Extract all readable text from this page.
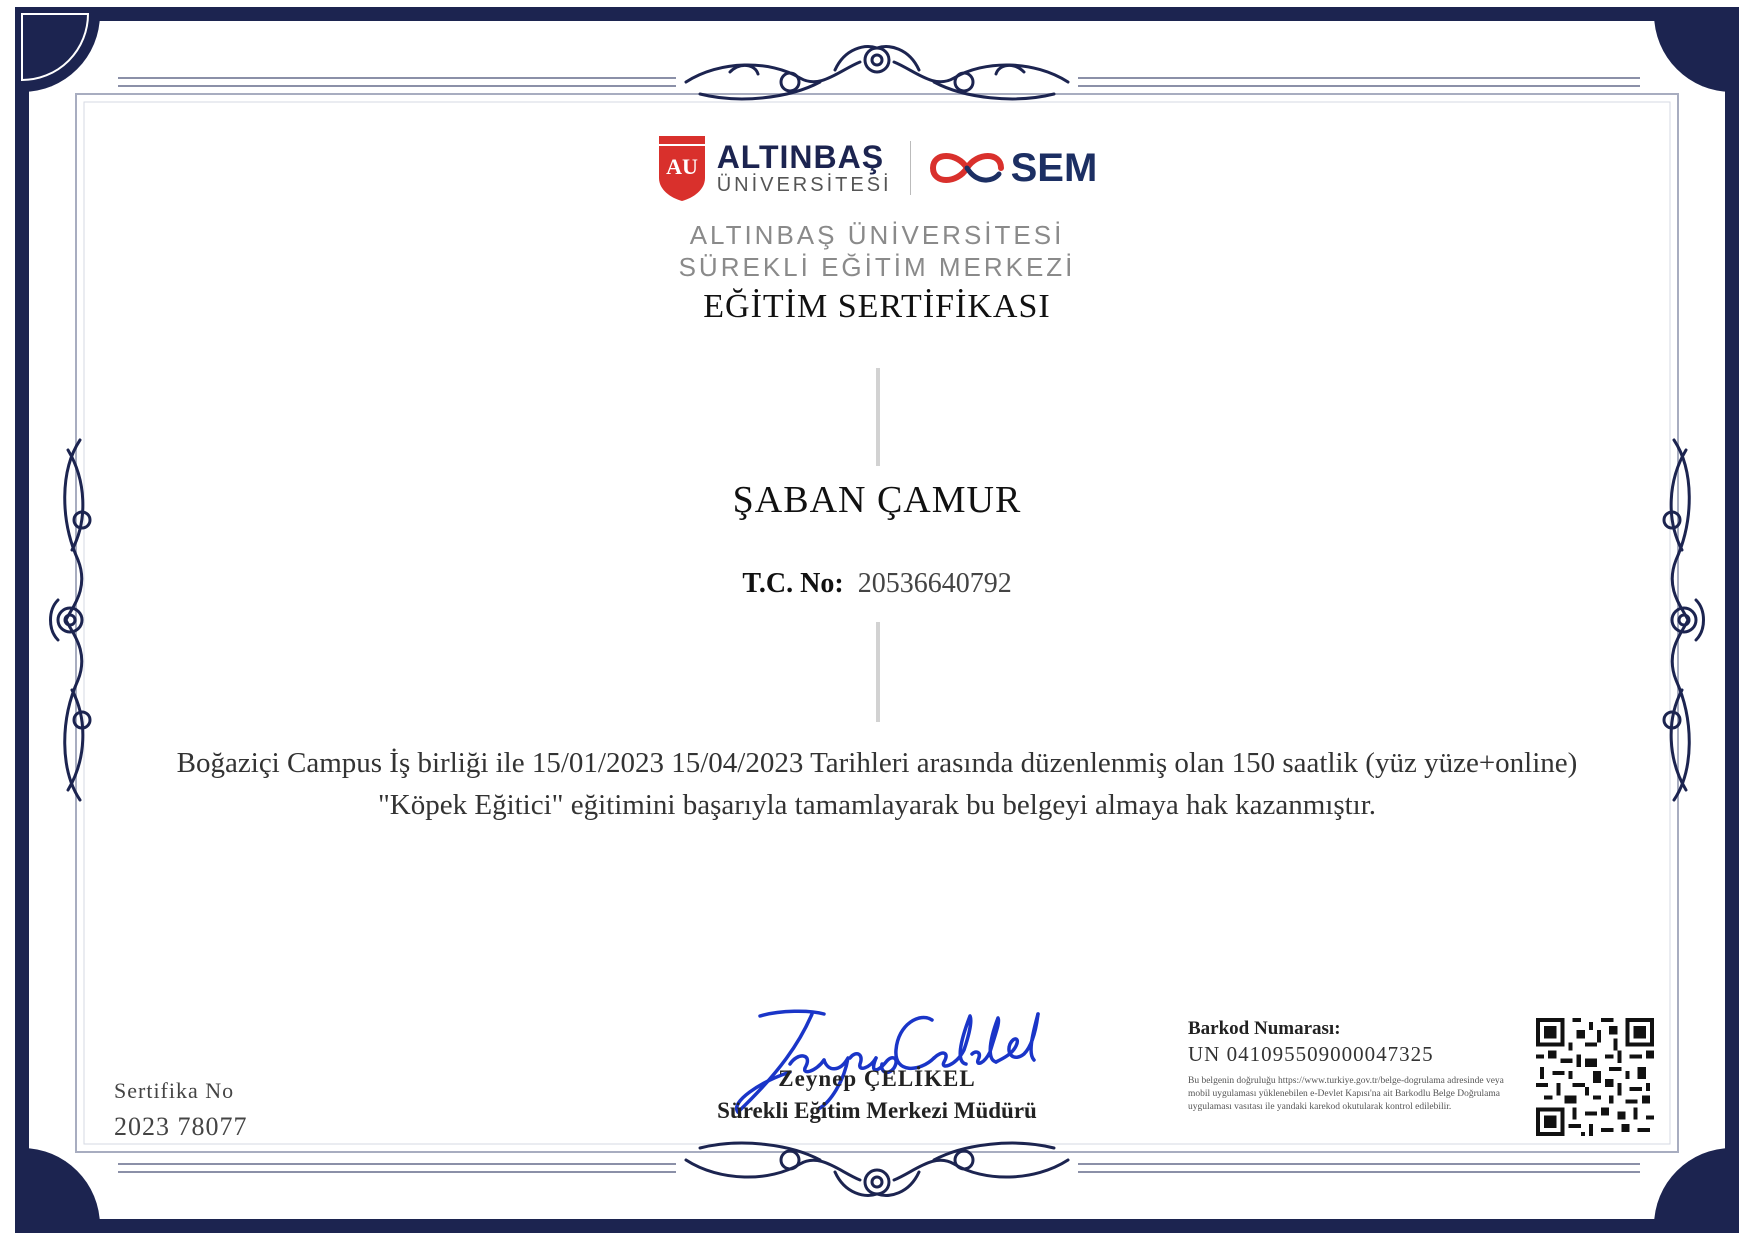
AU ALTINBAŞ
ÜNİVERSİTESİ	SEM
ALTINBAŞ ÜNİVERSİTESİ
SÜREKLİ EĞİTİM MERKEZİ
EĞİTİM SERTİFİKASI
ŞABAN ÇAMUR
T.C. No: 20536640792
Boğaziçi Campus İş birliği ile 15/01/2023 15/04/2023 Tarihleri arasında düzenlenmiş olan 150 saatlik (yüz yüze+online) "Köpek Eğitici" eğitimini başarıyla tamamlayarak bu belgeyi almaya hak kazanmıştır.
Sertifika No
2023 78077
Zeynep ÇELİKEL
Sürekli Eğitim Merkezi Müdürü
Barkod Numarası:
UN 041095509000047325
Bu belgenin doğruluğu https://www.turkiye.gov.tr/belge-dogrulama adresinde veya mobil uygulaması yüklenebilen e-Devlet Kapısı'na ait Barkodlu Belge Doğrulama uygulaması vasıtası ile yandaki karekod okutularak kontrol edilebilir.
